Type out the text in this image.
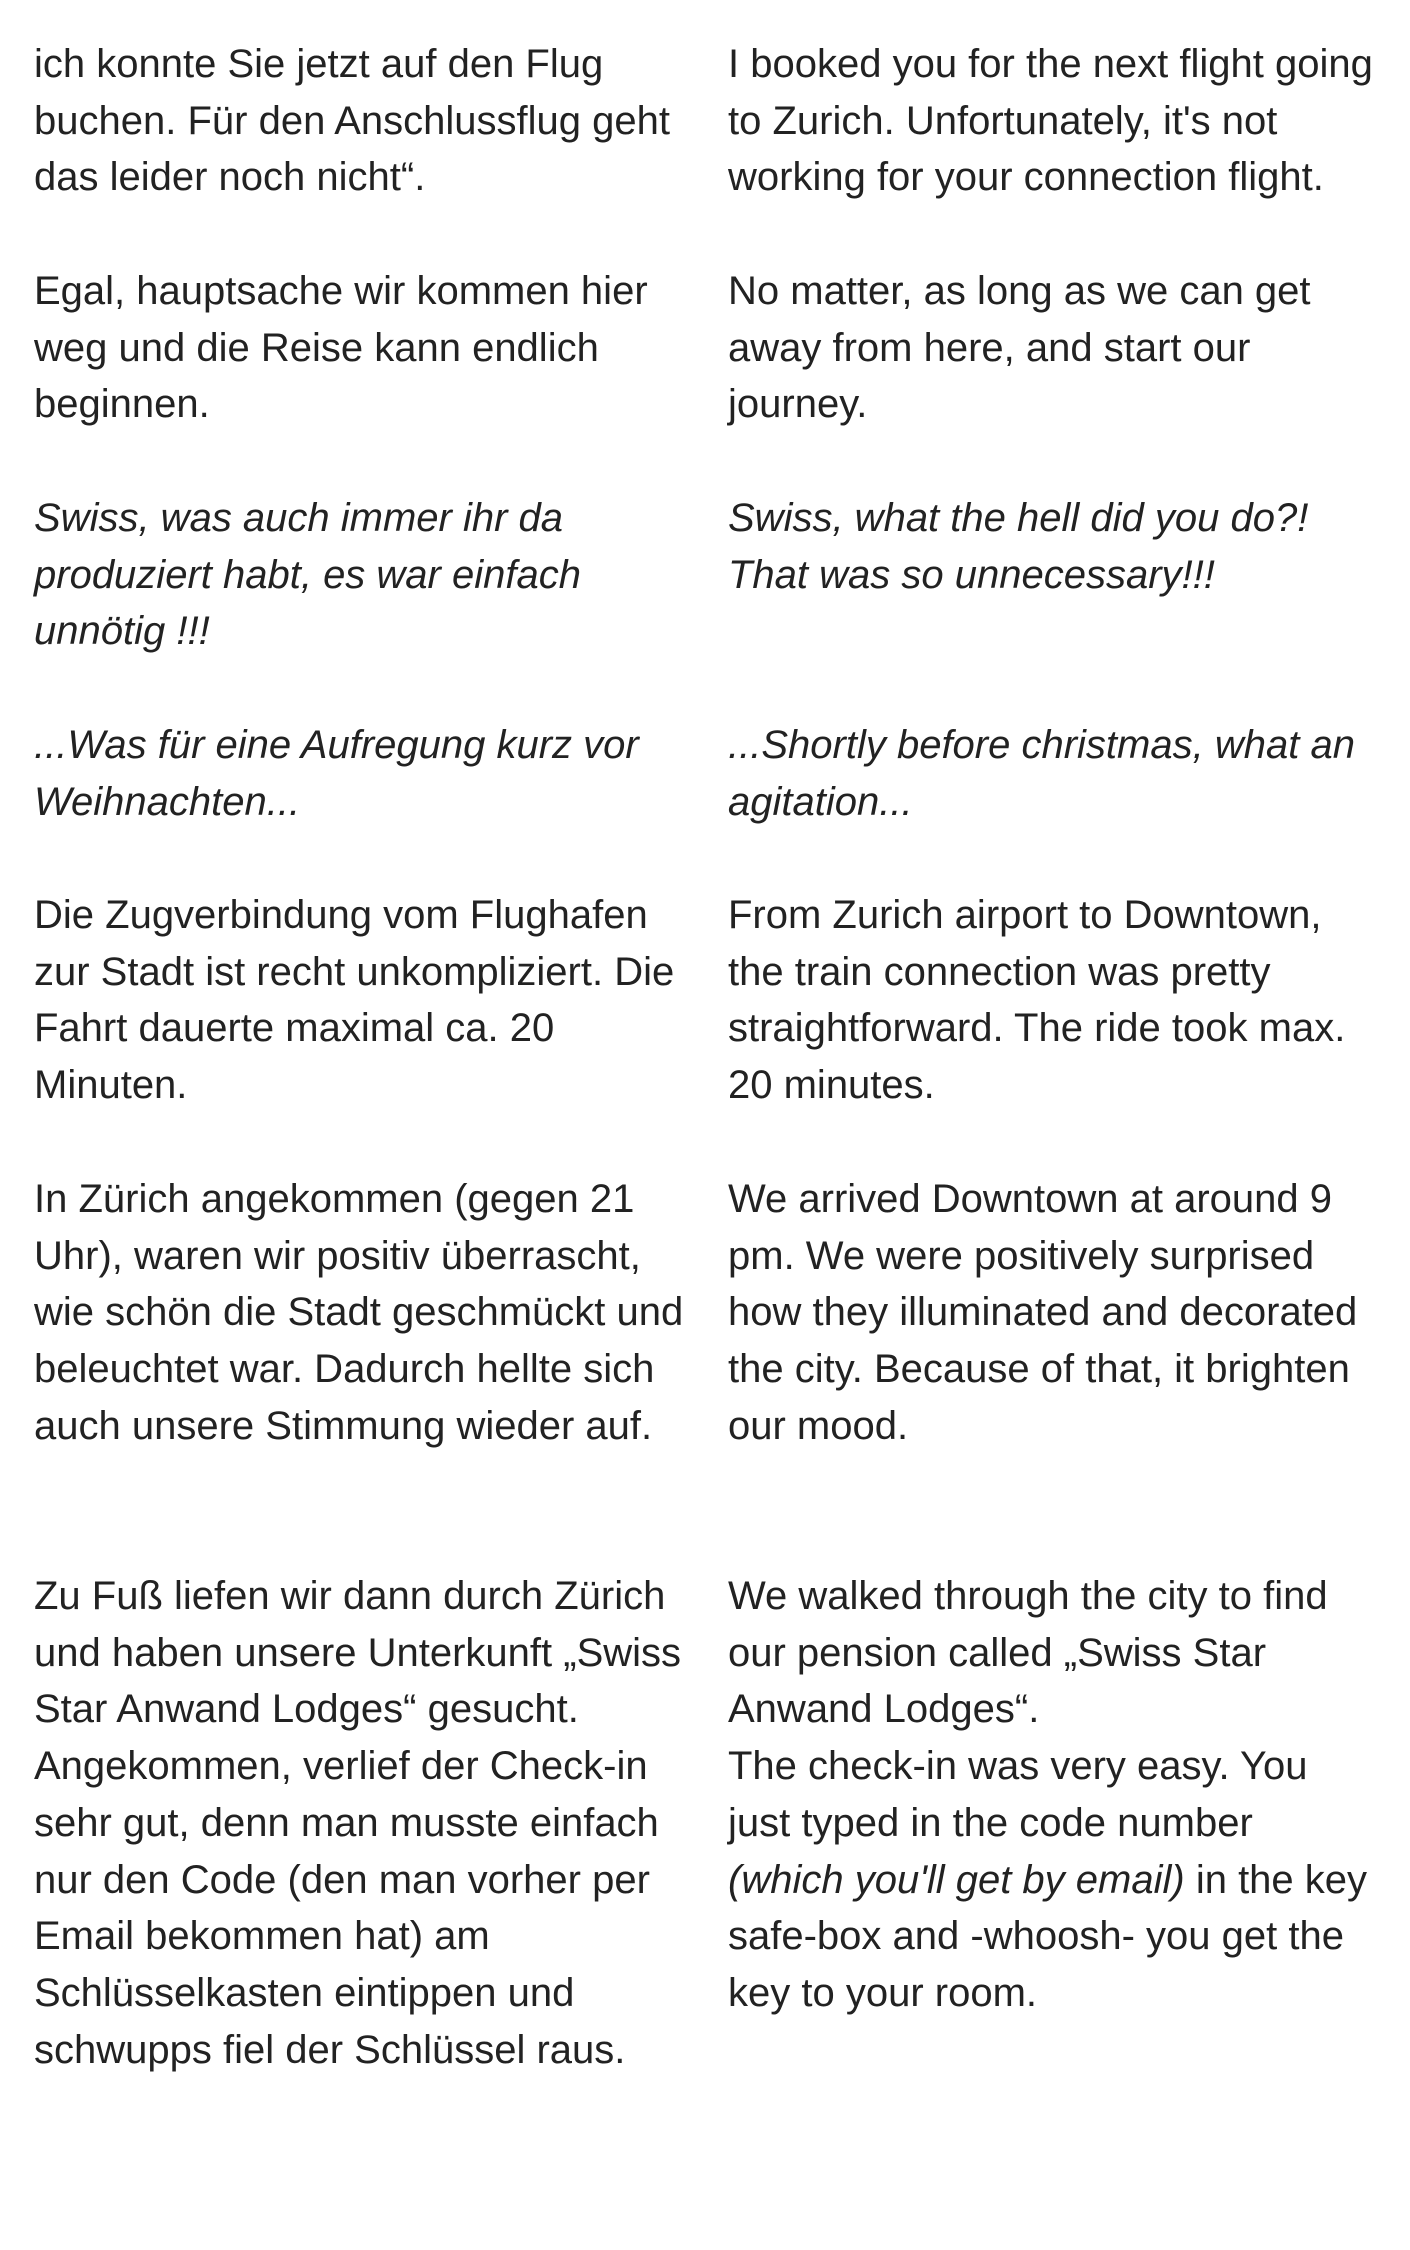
ich konnte Sie jetzt auf den Flug buchen. Für den Anschlussflug geht das leider noch nicht“.

I booked you for the next flight going to Zurich. Unfortunately, it's not working for your connection flight.

Egal, hauptsache wir kommen hier weg und die Reise kann endlich beginnen.

No matter, as long as we can get away from here, and start our journey.

Swiss, was auch immer ihr da produziert habt, es war einfach unnötig !!!

Swiss, what the hell did you do?! That was so unnecessary!!!

...Was für eine Aufregung kurz vor Weihnachten...

...Shortly before christmas, what an agitation...

Die Zugverbindung vom Flughafen zur Stadt ist recht unkompliziert. Die Fahrt dauerte maximal ca. 20 Minuten.

From Zurich airport to Downtown, the train connection was pretty straightforward. The ride took max. 20 minutes.

In Zürich angekommen (gegen 21 Uhr), waren wir positiv überrascht, wie schön die Stadt geschmückt und beleuchtet war. Dadurch hellte sich auch unsere Stimmung wieder auf.

We arrived Downtown at around 9 pm. We were positively surprised how they illuminated and decorated the city. Because of that, it brighten our mood.

Zu Fuß liefen wir dann durch Zürich und haben unsere Unterkunft „Swiss Star Anwand Lodges“ gesucht.

Angekommen, verlief der Check-in sehr gut, denn man musste einfach nur den Code (den man vorher per Email bekommen hat) am Schlüsselkasten eintippen und schwupps fiel der Schlüssel raus.

We walked through the city to find our pension called „Swiss Star Anwand Lodges“.

The check-in was very easy. You just typed in the code number
(which you'll get by email) in the key safe-box and -whoosh- you get the key to your room.
